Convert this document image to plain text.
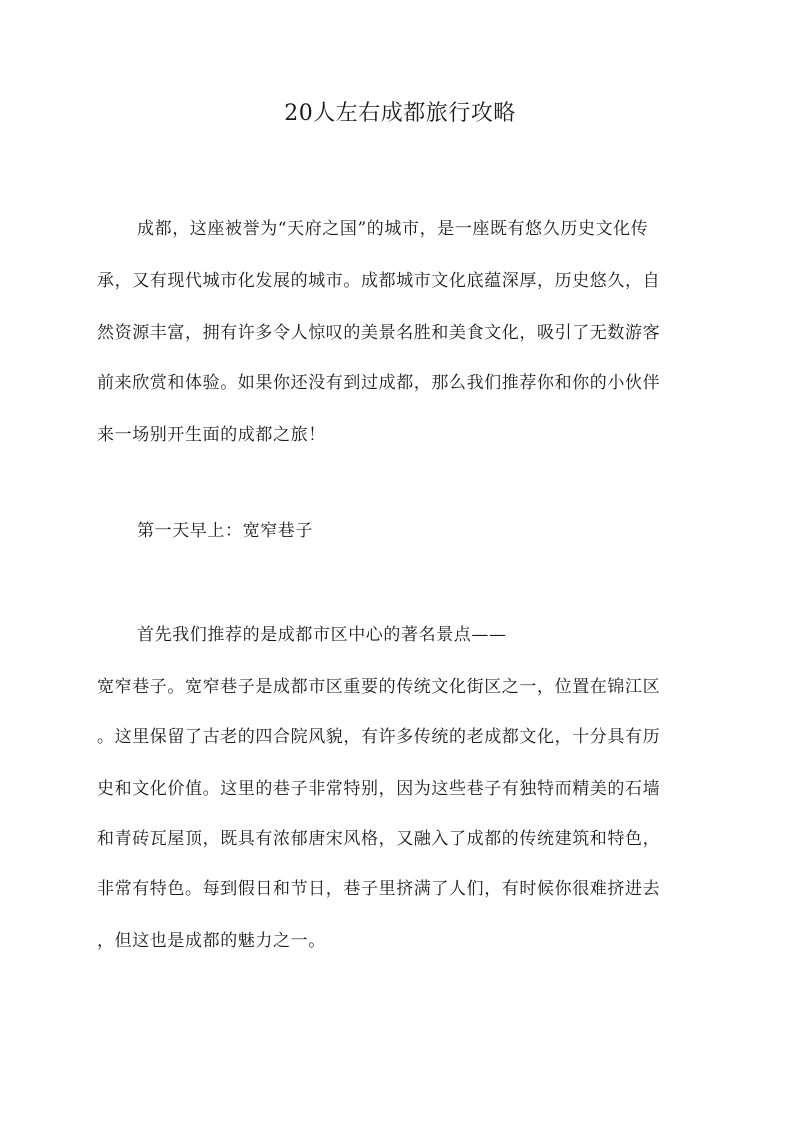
20人左右成都旅行攻略

成都，这座被誉为“天府之国”的城市，是一座既有悠久历史文化传

承，又有现代城市化发展的城市。成都城市文化底蕴深厚，历史悠久，自

然资源丰富，拥有许多令人惊叹的美景名胜和美食文化，吸引了无数游客

前来欣赏和体验。如果你还没有到过成都，那么我们推荐你和你的小伙伴

来一场别开生面的成都之旅！

第一天早上：宽窄巷子

首先我们推荐的是成都市区中心的著名景点——

宽窄巷子。宽窄巷子是成都市区重要的传统文化街区之一，位置在锦江区

。这里保留了古老的四合院风貌，有许多传统的老成都文化，十分具有历

史和文化价值。这里的巷子非常特别，因为这些巷子有独特而精美的石墙

和青砖瓦屋顶，既具有浓郁唐宋风格，又融入了成都的传统建筑和特色，

非常有特色。每到假日和节日，巷子里挤满了人们，有时候你很难挤进去

，但这也是成都的魅力之一。
